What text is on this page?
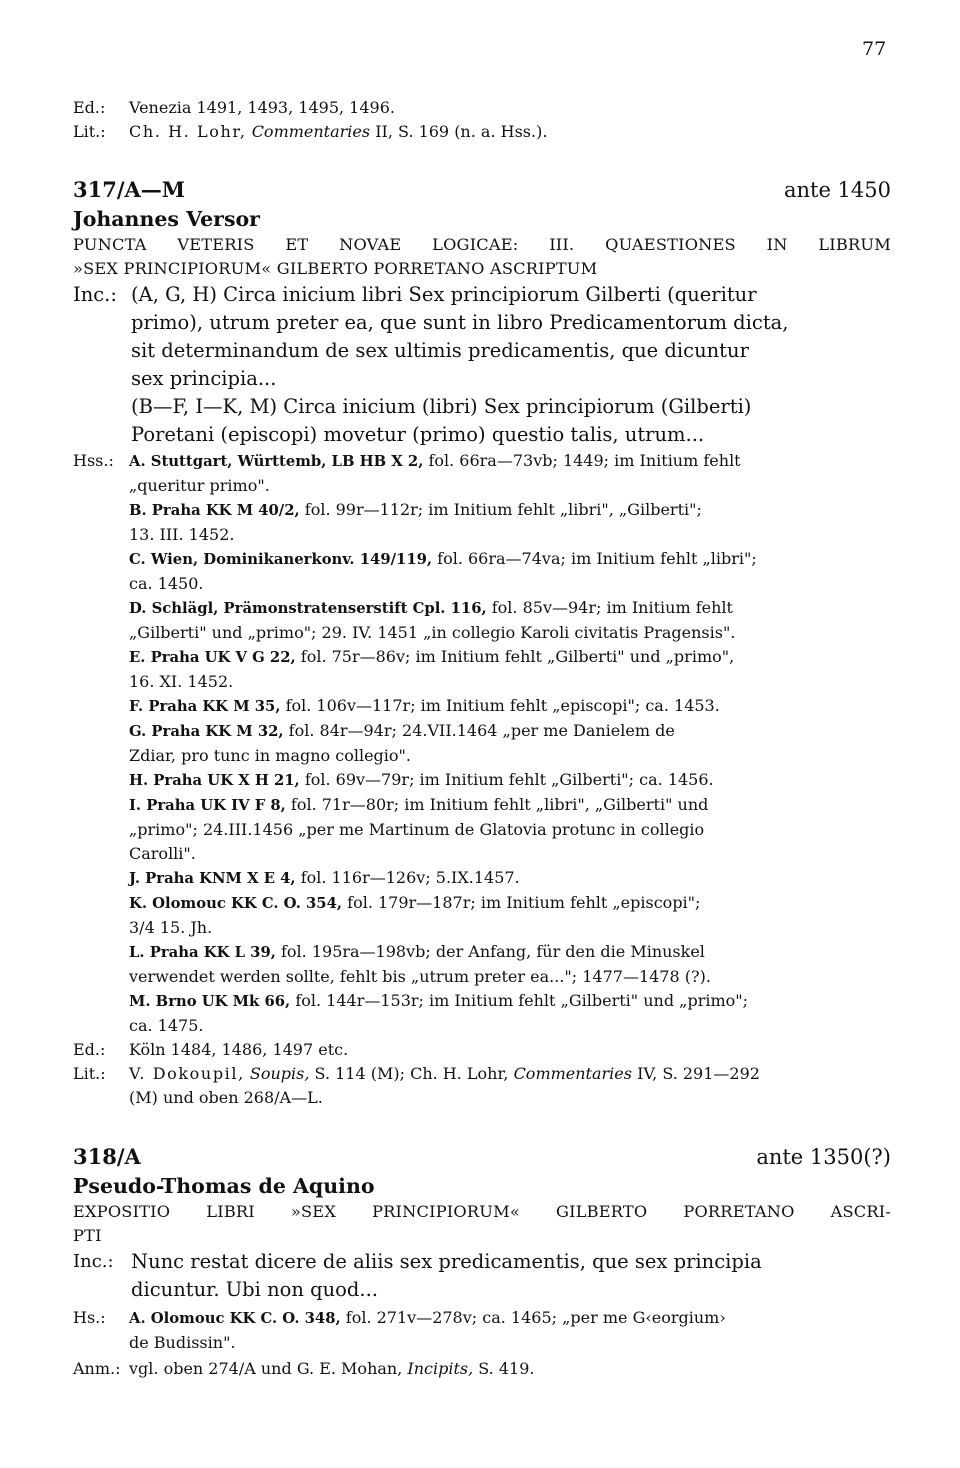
77
Ed.:	Venezia 1491, 1493, 1495, 1496.
Lit.:	Ch. H. Lohr, Commentaries II, S. 169 (n. a. Hss.).
317/A—M	ante 1450
Johannes Versor
PUNCTA VETERIS ET NOVAE LOGICAE: III. QUAESTIONES IN LIBRUM
»SEX PRINCIPIORUM« GILBERTO PORRETANO ASCRIPTUM
Inc.: (A, G, H) Circa inicium libri Sex principiorum Gilberti (queritur
primo), utrum preter ea, que sunt in libro Predicamentorum dicta,
sit determinandum de sex ultimis predicamentis, que dicuntur
sex principia...
(B—F, I—K, M) Circa inicium (libri) Sex principiorum (Gilberti)
Poretani (episcopi) movetur (primo) questio talis, utrum...
Hss.:	A. Stuttgart, Württemb, LB HB X 2, fol. 66ra—73vb; 1449; im Initium fehlt
„queritur primo".
B. Praha KK M 40/2, fol. 99r—112r; im Initium fehlt „libri", „Gilberti";
13. III. 1452.
C. Wien, Dominikanerkonv. 149/119, fol. 66ra—74va; im Initium fehlt „libri";
ca. 1450.
D. Schlägl, Prämonstratenserstift Cpl. 116, fol. 85v—94r; im Initium fehlt
„Gilberti" und „primo"; 29. IV. 1451 „in collegio Karoli civitatis Pragensis".
E. Praha UK V G 22, fol. 75r—86v; im Initium fehlt „Gilberti" und „primo",
16. XI. 1452.
F. Praha KK M 35, fol. 106v—117r; im Initium fehlt „episcopi"; ca. 1453.
G. Praha KK M 32, fol. 84r—94r; 24.VII.1464 „per me Danielem de
Zdiar, pro tunc in magno collegio".
H. Praha UK X H 21, fol. 69v—79r; im Initium fehlt „Gilberti"; ca. 1456.
I. Praha UK IV F 8, fol. 71r—80r; im Initium fehlt „libri", „Gilberti" und
„primo"; 24.III.1456 „per me Martinum de Glatovia protunc in collegio
Carolli".
J. Praha KNM X E 4, fol. 116r—126v; 5.IX.1457.
K. Olomouc KK C. O. 354, fol. 179r—187r; im Initium fehlt „episcopi";
3/4 15. Jh.
L. Praha KK L 39, fol. 195ra—198vb; der Anfang, für den die Minuskel
verwendet werden sollte, fehlt bis „utrum preter ea..."; 1477—1478 (?).
M. Brno UK Mk 66, fol. 144r—153r; im Initium fehlt „Gilberti" und „primo";
ca. 1475.
Ed.:	Köln 1484, 1486, 1497 etc.
Lit.:	V. Dokoupil, Soupis, S. 114 (M); Ch. H. Lohr, Commentaries IV, S. 291—292
(M) und oben 268/A—L.
318/A	ante 1350(?)
Pseudo-Thomas de Aquino
EXPOSITIO LIBRI »SEX PRINCIPIORUM« GILBERTO PORRETANO ASCRI-
PTI
Inc.: Nunc restat dicere de aliis sex predicamentis, que sex principia
dicuntur. Ubi non quod...
Hs.:	A. Olomouc KK C. O. 348, fol. 271v—278v; ca. 1465; „per me G‹eorgium›
de Budissin".
Anm.: vgl. oben 274/A und G. E. Mohan, Incipits, S. 419.
